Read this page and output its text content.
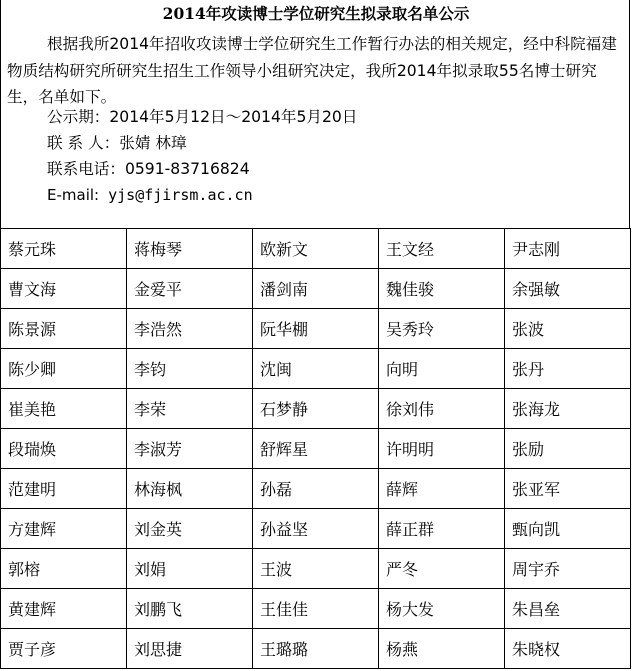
2014年攻读博士学位研究生拟录取名单公示

根据我所2014年招收攻读博士学位研究生工作暂行办法的相关规定，经中科院福建物质结构研究所研究生招生工作领导小组研究决定，我所2014年拟录取55名博士研究生，名单如下。

公示期：2014年5月12日～2014年5月20日
联 系 人：张婧 林璋
联系电话：0591-83716824
E-mail: yjs@fjirsm.ac.cn
蔡元珠	蒋梅琴	欧新文	王文经	尹志刚
曹文海	金爱平	潘剑南	魏佳骏	余强敏
陈景源	李浩然	阮华棚	吴秀玲	张波
陈少卿	李钧	沈闽	向明	张丹
崔美艳	李荣	石梦静	徐刘伟	张海龙
段瑞焕	李淑芳	舒辉星	许明明	张励
范建明	林海枫	孙磊	薛辉	张亚军
方建辉	刘金英	孙益坚	薛正群	甄向凯
郭榕	刘娟	王波	严冬	周宇乔
黄建辉	刘鹏飞	王佳佳	杨大发	朱昌垒
贾子彦	刘思捷	王璐璐	杨燕	朱晓权
